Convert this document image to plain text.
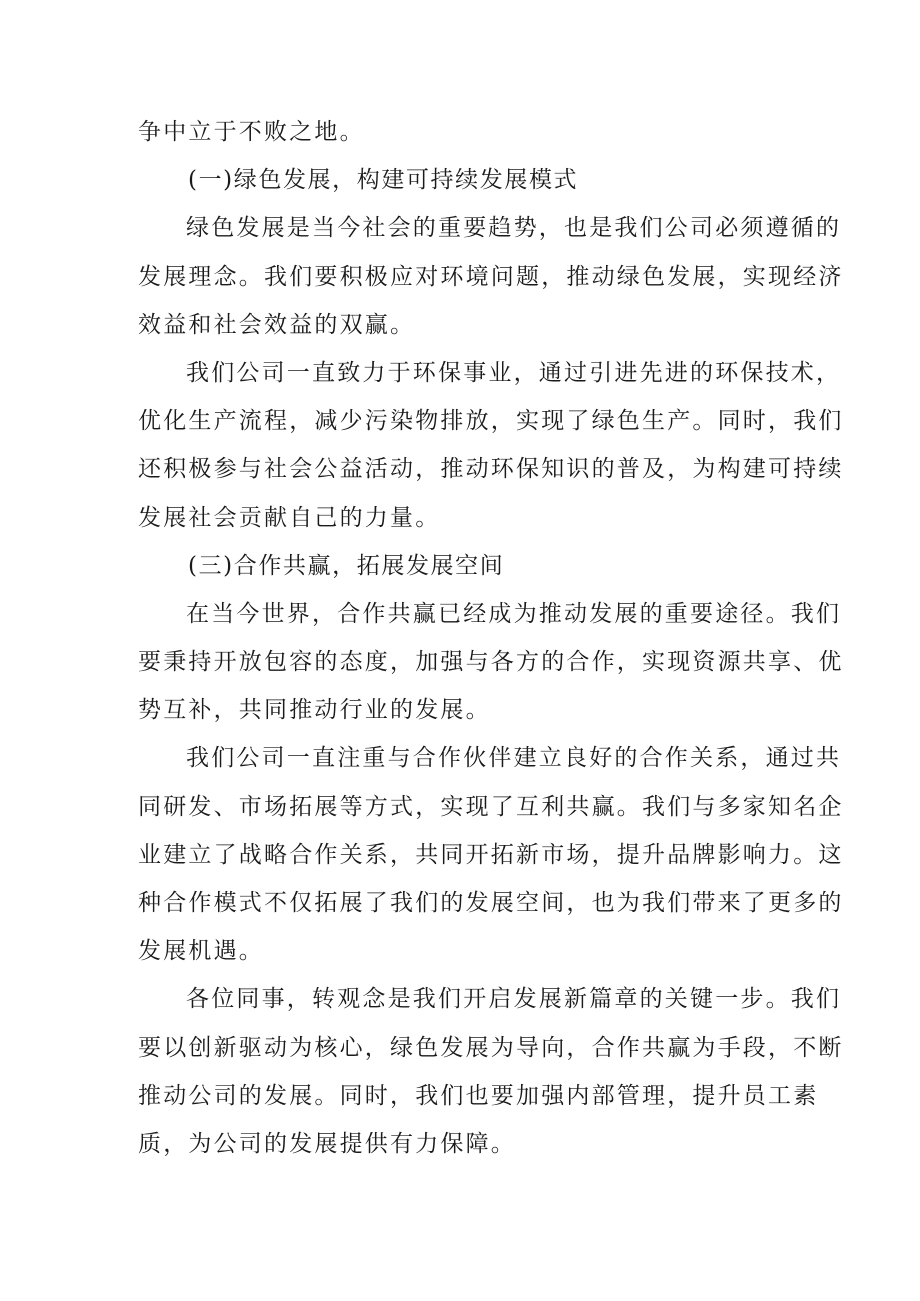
争中立于不败之地。
(一)绿色发展，构建可持续发展模式
绿色发展是当今社会的重要趋势，也是我们公司必须遵循的
发展理念。我们要积极应对环境问题，推动绿色发展，实现经济
效益和社会效益的双赢。
我们公司一直致力于环保事业，通过引进先进的环保技术，
优化生产流程，减少污染物排放，实现了绿色生产。同时，我们
还积极参与社会公益活动，推动环保知识的普及，为构建可持续
发展社会贡献自己的力量。
(三)合作共赢，拓展发展空间
在当今世界，合作共赢已经成为推动发展的重要途径。我们
要秉持开放包容的态度，加强与各方的合作，实现资源共享、优
势互补，共同推动行业的发展。
我们公司一直注重与合作伙伴建立良好的合作关系，通过共
同研发、市场拓展等方式，实现了互利共赢。我们与多家知名企
业建立了战略合作关系，共同开拓新市场，提升品牌影响力。这
种合作模式不仅拓展了我们的发展空间，也为我们带来了更多的
发展机遇。
各位同事，转观念是我们开启发展新篇章的关键一步。我们
要以创新驱动为核心，绿色发展为导向，合作共赢为手段，不断
推动公司的发展。同时，我们也要加强内部管理，提升员工素
质，为公司的发展提供有力保障。
